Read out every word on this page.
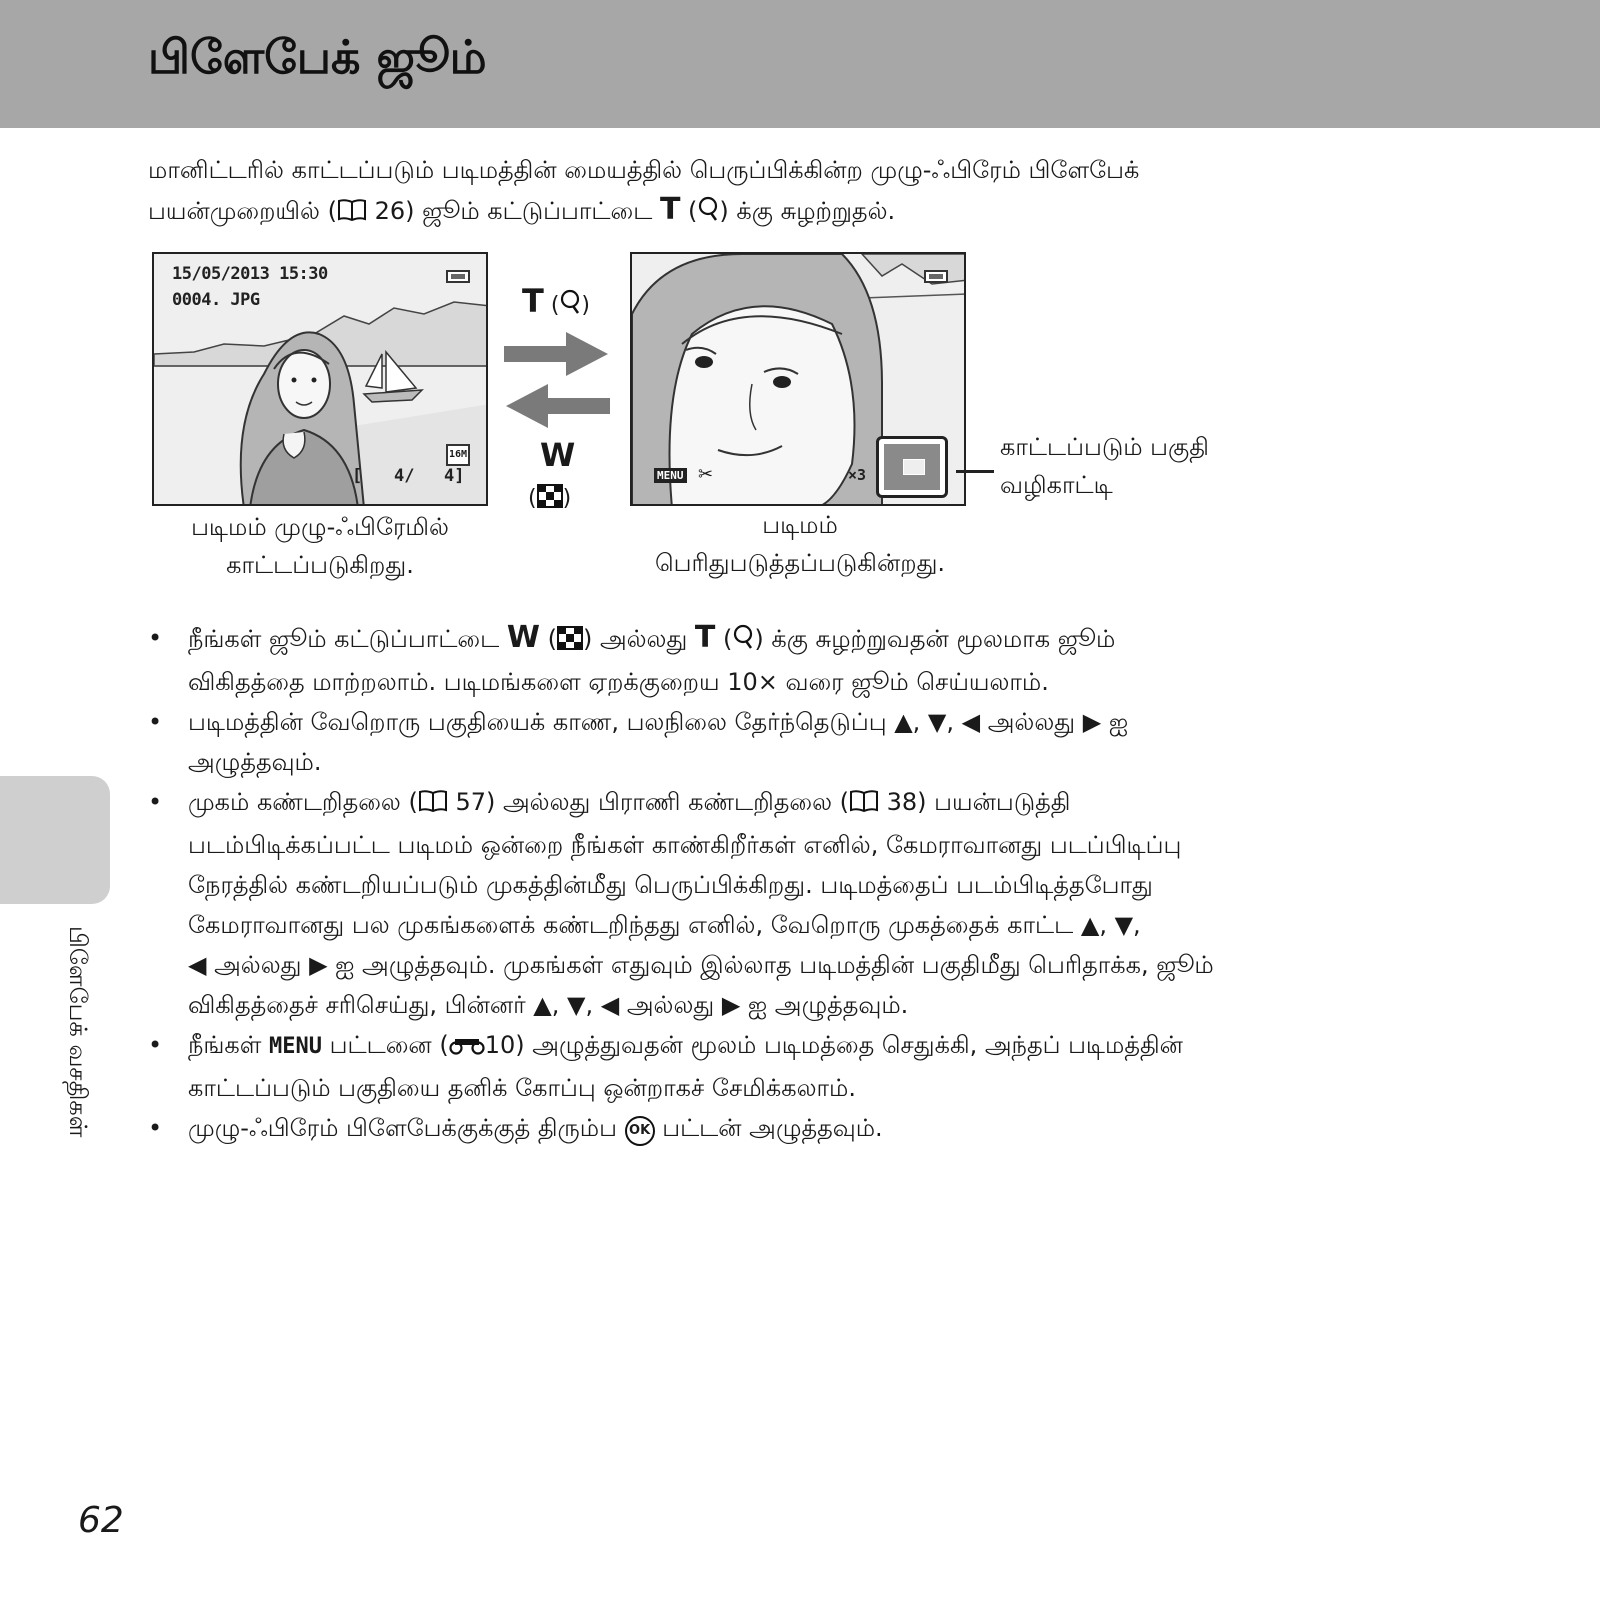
பிளேபேக் ஜூம்

மானிட்டரில் காட்டப்படும் படிமத்தின் மையத்தில் பெருப்பிக்கின்ற முழு-ஃபிரேம் பிளேபேக்

பயன்முறையில் ( 26) ஜூம் கட்டுப்பாட்டை T ( ) க்கு சுழற்றுதல்.

15/05/2013 15:30
0004. JPG
16M
[ 4/ 4]
T ( )
W
( )
MENU ✂	×3
படிமம் முழு-ஃபிரேமில்
காட்டப்படுகிறது.
படிமம்
பெரிதுபடுத்தப்படுகின்றது.
காட்டப்படும் பகுதி
வழிகாட்டி
• நீங்கள் ஜூம் கட்டுப்பாட்டை W ( ) அல்லது T ( ) க்கு சுழற்றுவதன் மூலமாக ஜூம்
விகிதத்தை மாற்றலாம். படிமங்களை ஏறக்குறைய 10× வரை ஜூம் செய்யலாம்.
• படிமத்தின் வேறொரு பகுதியைக் காண, பலநிலை தேர்ந்தெடுப்பு ▲, ▼, ◀ அல்லது ▶ ஐ
அழுத்தவும்.
• முகம் கண்டறிதலை ( 57) அல்லது பிராணி கண்டறிதலை ( 38) பயன்படுத்தி
படம்பிடிக்கப்பட்ட படிமம் ஒன்றை நீங்கள் காண்கிறீர்கள் எனில், கேமராவானது படப்பிடிப்பு
நேரத்தில் கண்டறியப்படும் முகத்தின்மீது பெருப்பிக்கிறது. படிமத்தைப் படம்பிடித்தபோது
கேமராவானது பல முகங்களைக் கண்டறிந்தது எனில், வேறொரு முகத்தைக் காட்ட ▲, ▼,
◀ அல்லது ▶ ஐ அழுத்தவும். முகங்கள் எதுவும் இல்லாத படிமத்தின் பகுதிமீது பெரிதாக்க, ஜூம்
விகிதத்தைச் சரிசெய்து, பின்னர் ▲, ▼, ◀ அல்லது ▶ ஐ அழுத்தவும்.
• நீங்கள் MENU பட்டனை ( 10) அழுத்துவதன் மூலம் படிமத்தை செதுக்கி, அந்தப் படிமத்தின்
காட்டப்படும் பகுதியை தனிக் கோப்பு ஒன்றாகச் சேமிக்கலாம்.
• முழு-ஃபிரேம் பிளேபேக்குக்குத் திரும்ப OK பட்டன் அழுத்தவும்.
பிளேபேக் வசதிகள்
62
